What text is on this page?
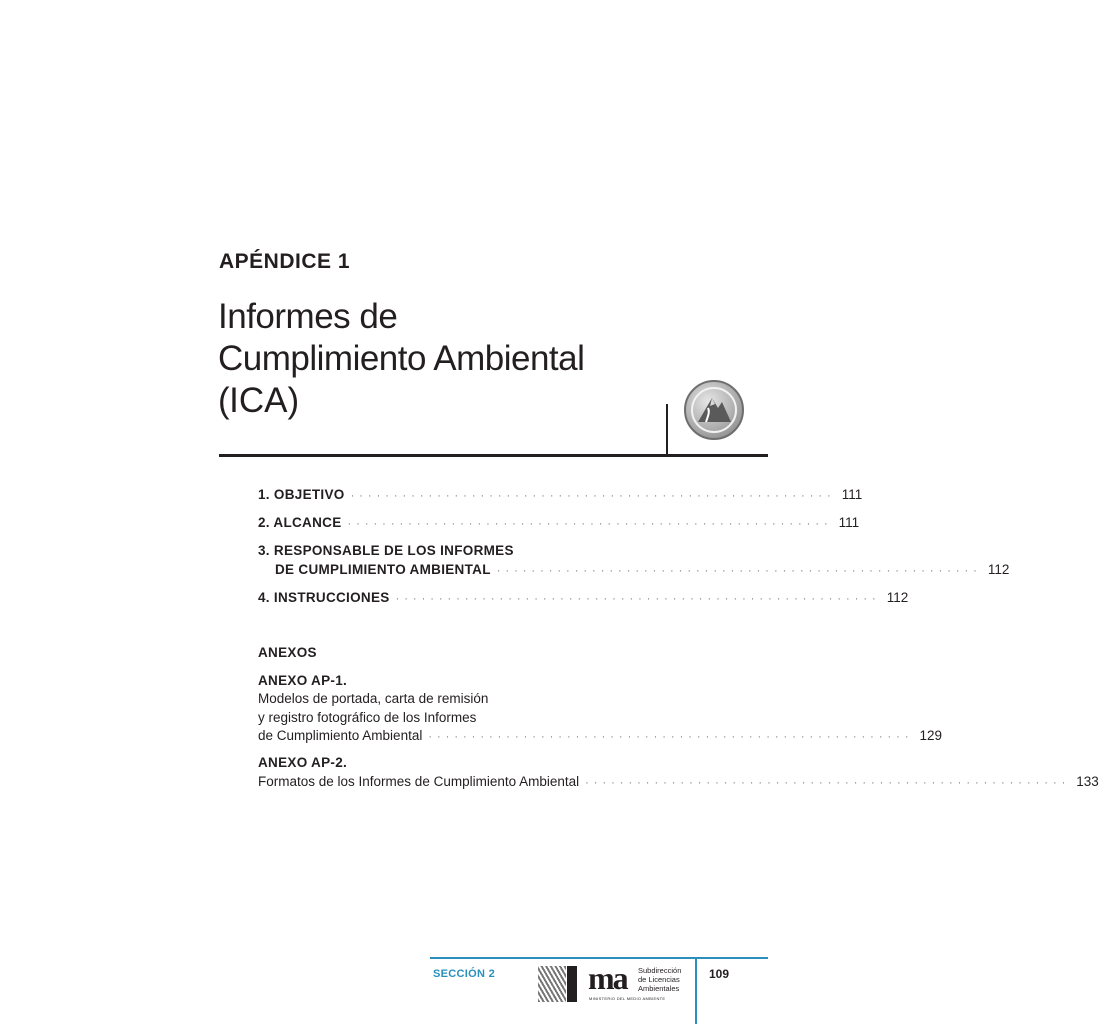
APÉNDICE 1
Informes de
Cumplimiento Ambiental
(ICA)
1. OBJETIVO ························································ 111
2. ALCANCE ························································ 111
3. RESPONSABLE DE LOS INFORMES
DE CUMPLIMIENTO AMBIENTAL ························································ 112
4. INSTRUCCIONES ························································ 112
ANEXOS
ANEXO AP-1.
Modelos de portada, carta de remisión
y registro fotográfico de los Informes
de Cumplimiento Ambiental ························································ 129
ANEXO AP-2.
Formatos de los Informes de Cumplimiento Ambiental ························································ 133
SECCIÓN 2	ma
MINISTERIO DEL MEDIO AMBIENTE
Subdirección
de Licencias
Ambientales
109
